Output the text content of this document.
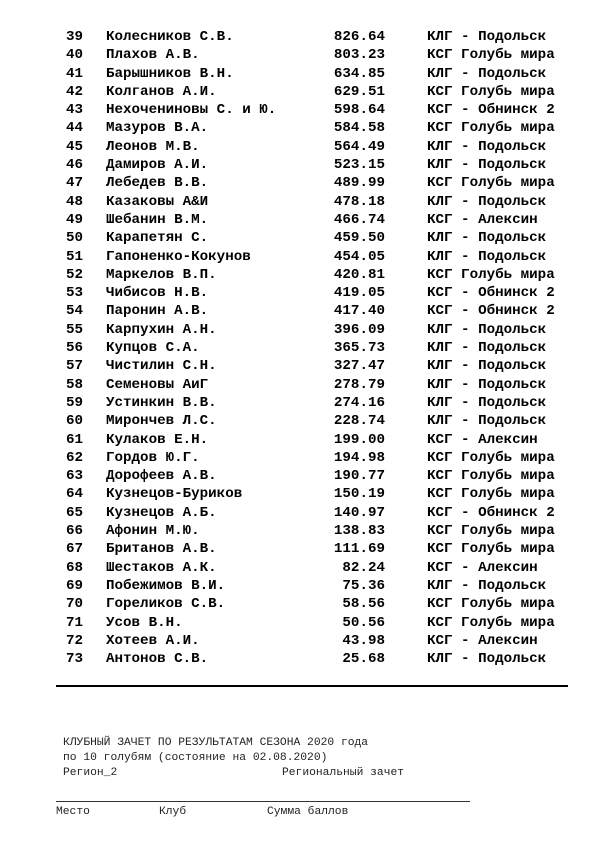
39 Колесников С.В.	826.64	КЛГ - Подольск
40 Плахов А.В.	803.23	КСГ Голубь мира
41 Барышников В.Н.	634.85	КЛГ - Подольск
42 Колганов А.И.	629.51	КСГ Голубь мира
43 Нехочениновы С. и Ю.	598.64	КСГ - Обнинск 2
44 Мазуров В.А.	584.58	КСГ Голубь мира
45 Леонов М.В.	564.49	КЛГ - Подольск
46 Дамиров А.И.	523.15	КЛГ - Подольск
47 Лебедев В.В.	489.99	КСГ Голубь мира
48 Казаковы А&И	478.18	КЛГ - Подольск
49 Шебанин В.М.	466.74	КСГ - Алексин
50 Карапетян С.	459.50	КЛГ - Подольск
51 Гапоненко-Кокунов	454.05	КЛГ - Подольск
52 Маркелов В.П.	420.81	КСГ Голубь мира
53 Чибисов Н.В.	419.05	КСГ - Обнинск 2
54 Паронин А.В.	417.40	КСГ - Обнинск 2
55 Карпухин А.Н.	396.09	КЛГ - Подольск
56 Купцов С.А.	365.73	КЛГ - Подольск
57 Чистилин С.Н.	327.47	КЛГ - Подольск
58 Семеновы АиГ	278.79	КЛГ - Подольск
59 Устинкин В.В.	274.16	КЛГ - Подольск
60 Мирончев Л.С.	228.74	КЛГ - Подольск
61 Кулаков Е.Н.	199.00	КСГ - Алексин
62 Гордов Ю.Г.	194.98	КСГ Голубь мира
63 Дорофеев А.В.	190.77	КСГ Голубь мира
64 Кузнецов-Буриков	150.19	КСГ Голубь мира
65 Кузнецов А.Б.	140.97	КСГ - Обнинск 2
66 Афонин М.Ю.	138.83	КСГ Голубь мира
67 Британов А.В.	111.69	КСГ Голубь мира
68 Шестаков А.К.	82.24	КСГ - Алексин
69 Побежимов В.И.	75.36	КЛГ - Подольск
70 Гореликов С.В.	58.56	КСГ Голубь мира
71 Усов В.Н.	50.56	КСГ Голубь мира
72 Хотеев А.И.	43.98	КСГ - Алексин
73 Антонов С.В.	25.68	КЛГ - Подольск
КЛУБНЫЙ ЗАЧЕТ ПО РЕЗУЛЬТАТАМ СЕЗОНА 2020 года
по 10 голубям (состояние на 02.08.2020)
Регион_2	Региональный зачет
Место	Клуб	Сумма баллов
